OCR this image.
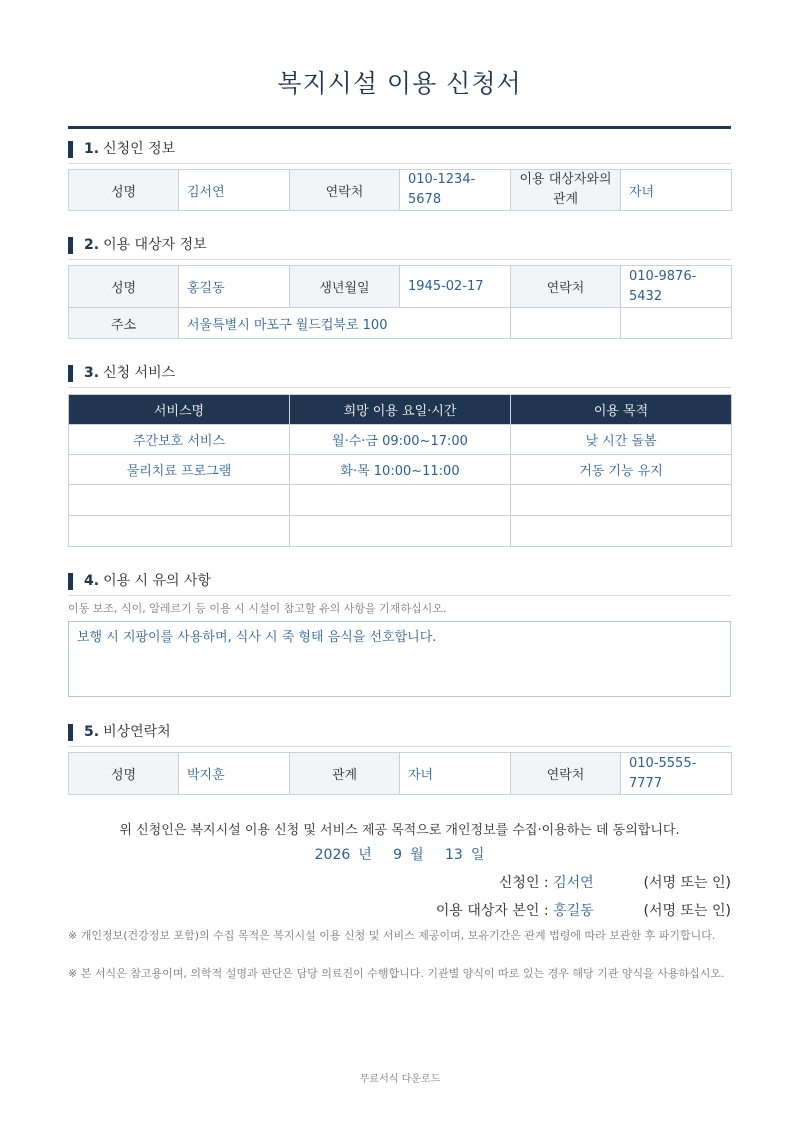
복지시설 이용 신청서
1. 신청인 정보
성명	김서연	연락처	010-1234-5678	이용 대상자와의 관계	자녀
2. 이용 대상자 정보
성명	홍길동	생년월일	1945-02-17	연락처	010-9876-5432
주소	서울특별시 마포구 월드컵북로 100				
3. 신청 서비스
서비스명	희망 이용 요일·시간	이용 목적
주간보호 서비스	월·수·금 09:00~17:00	낮 시간 돌봄
물리치료 프로그램	화·목 10:00~11:00	거동 기능 유지

4. 이용 시 유의 사항
이동 보조, 식이, 알레르기 등 이용 시 시설이 참고할 유의 사항을 기재하십시오.
보행 시 지팡이를 사용하며, 식사 시 죽 형태 음식을 선호합니다.
5. 비상연락처
성명	박지훈	관계	자녀	연락처	010-5555-7777
위 신청인은 복지시설 이용 신청 및 서비스 제공 목적으로 개인정보를 수집·이용하는 데 동의합니다.
2026 년 9 월 13 일
신청인 : 김서연	(서명 또는 인)
이용 대상자 본인 : 홍길동	(서명 또는 인)
※ 개인정보(건강정보 포함)의 수집 목적은 복지시설 이용 신청 및 서비스 제공이며, 보유기간은 관계 법령에 따라 보관한 후 파기합니다.
※ 본 서식은 참고용이며, 의학적 설명과 판단은 담당 의료진이 수행합니다. 기관별 양식이 따로 있는 경우 해당 기관 양식을 사용하십시오.
무료서식 다운로드
